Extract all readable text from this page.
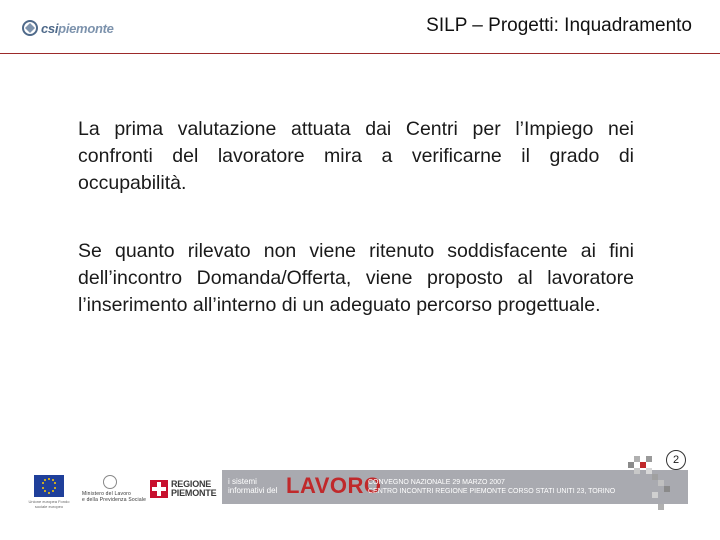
csipiemonte	SILP – Progetti: Inquadramento
La prima valutazione attuata dai Centri per l’Impiego nei confronti del lavoratore mira a verificarne il grado di occupabilità.
Se quanto rilevato non viene ritenuto soddisfacente ai fini dell’incontro Domanda/Offerta, viene proposto al lavoratore l’inserimento all’interno di un adeguato percorso progettuale.
2
Unione europea Fondo sociale europeo
Ministero del Lavoro
e della Previdenza Sociale
REGIONE
PIEMONTE
i sistemi
informativi del LAVORO
CONVEGNO NAZIONALE 29 MARZO 2007
CENTRO INCONTRI REGIONE PIEMONTE CORSO STATI UNITI 23, TORINO
